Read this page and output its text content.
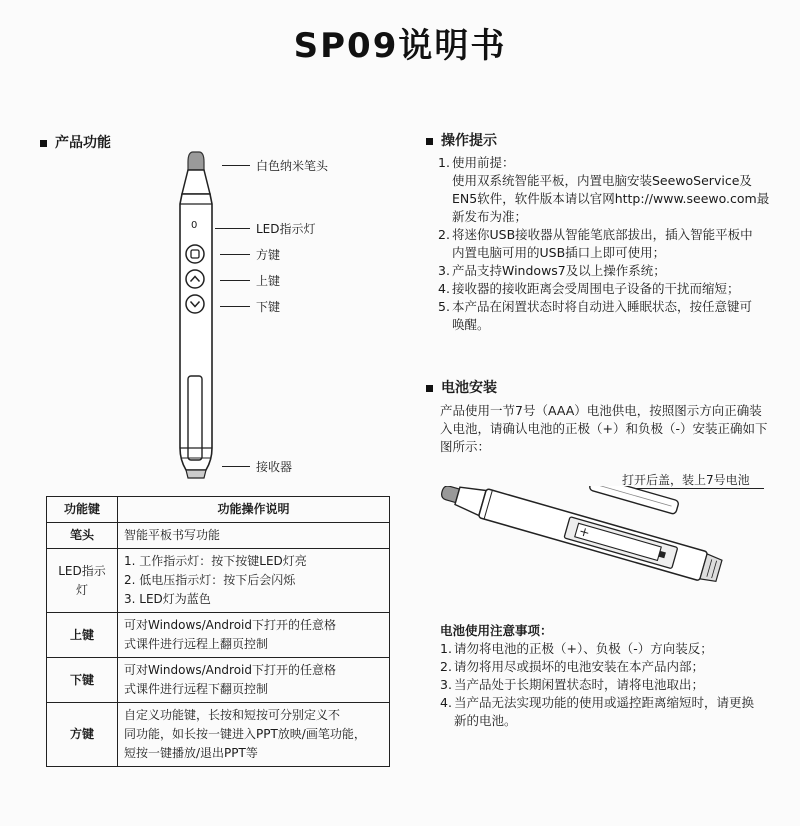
SP09说明书
产品功能
0
白色纳米笔头
LED指示灯
方键
上键
下键
接收器
功能键	功能操作说明
笔头	智能平板书写功能

LED指示灯	1. 工作指示灯：按下按键LED灯亮
2. 低电压指示灯：按下后会闪烁
3. LED灯为蓝色

上键	可对Windows/Android下打开的任意格
式课件进行远程上翻页控制

下键	可对Windows/Android下打开的任意格
式课件进行远程下翻页控制

方键	自定义功能键，长按和短按可分别定义不
同功能，如长按一键进入PPT放映/画笔功能，
短按一键播放/退出PPT等
操作提示
1. 使用前提：
使用双系统智能平板，内置电脑安装SeewoService及
EN5软件，软件版本请以官网http://www.seewo.com最
新发布为准；
2. 将迷你USB接收器从智能笔底部拔出，插入智能平板中
内置电脑可用的USB插口上即可使用；
3. 产品支持Windows7及以上操作系统；
4. 接收器的接收距离会受周围电子设备的干扰而缩短；
5. 本产品在闲置状态时将自动进入睡眠状态，按任意键可
唤醒。
电池安装
产品使用一节7号（AAA）电池供电，按照图示方向正确装
入电池，请确认电池的正极（+）和负极（-）安装正确如下
图所示：
打开后盖，装上7号电池
电池使用注意事项：
1. 请勿将电池的正极（+）、负极（-）方向装反；
2. 请勿将用尽或损坏的电池安装在本产品内部；
3. 当产品处于长期闲置状态时，请将电池取出；
4. 当产品无法实现功能的使用或遥控距离缩短时，请更换
新的电池。
